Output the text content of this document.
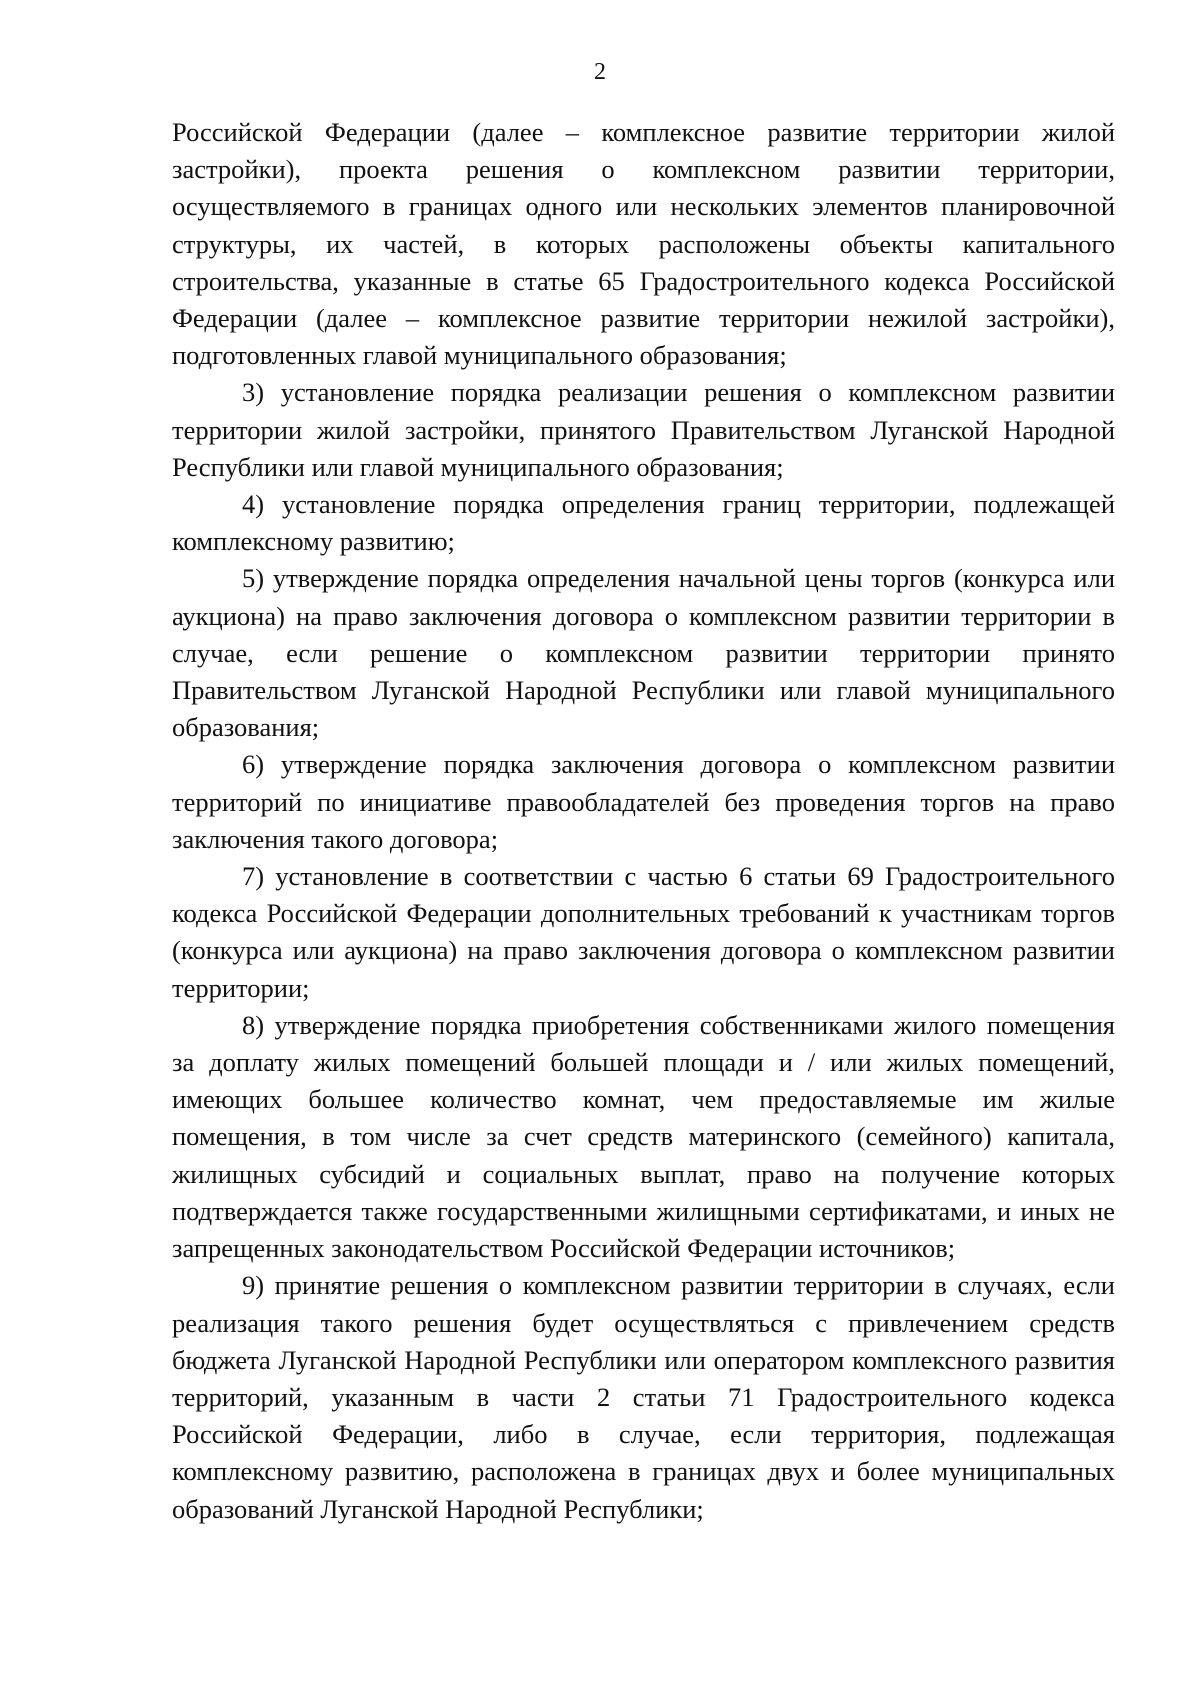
2

Российской Федерации (далее – комплексное развитие территории жилой застройки), проекта решения о комплексном развитии территории, осуществляемого в границах одного или нескольких элементов планировочной структуры, их частей, в которых расположены объекты капитального строительства, указанные в статье 65 Градостроительного кодекса Российской Федерации (далее – комплексное развитие территории нежилой застройки), подготовленных главой муниципального образования;

3) установление порядка реализации решения о комплексном развитии территории жилой застройки, принятого Правительством Луганской Народной Республики или главой муниципального образования;

4) установление порядка определения границ территории, подлежащей комплексному развитию;

5) утверждение порядка определения начальной цены торгов (конкурса или аукциона) на право заключения договора о комплексном развитии территории в случае, если решение о комплексном развитии территории принято Правительством Луганской Народной Республики или главой муниципального образования;

6) утверждение порядка заключения договора о комплексном развитии территорий по инициативе правообладателей без проведения торгов на право заключения такого договора;

7) установление в соответствии с частью 6 статьи 69 Градостроительного кодекса Российской Федерации дополнительных требований к участникам торгов (конкурса или аукциона) на право заключения договора о комплексном развитии территории;

8) утверждение порядка приобретения собственниками жилого помещения за доплату жилых помещений большей площади и / или жилых помещений, имеющих большее количество комнат, чем предоставляемые им жилые помещения, в том числе за счет средств материнского (семейного) капитала, жилищных субсидий и социальных выплат, право на получение которых подтверждается также государственными жилищными сертификатами, и иных не запрещенных законодательством Российской Федерации источников;

9) принятие решения о комплексном развитии территории в случаях, если реализация такого решения будет осуществляться с привлечением средств бюджета Луганской Народной Республики или оператором комплексного развития территорий, указанным в части 2 статьи 71 Градостроительного кодекса Российской Федерации, либо в случае, если территория, подлежащая комплексному развитию, расположена в границах двух и более муниципальных образований Луганской Народной Республики;
